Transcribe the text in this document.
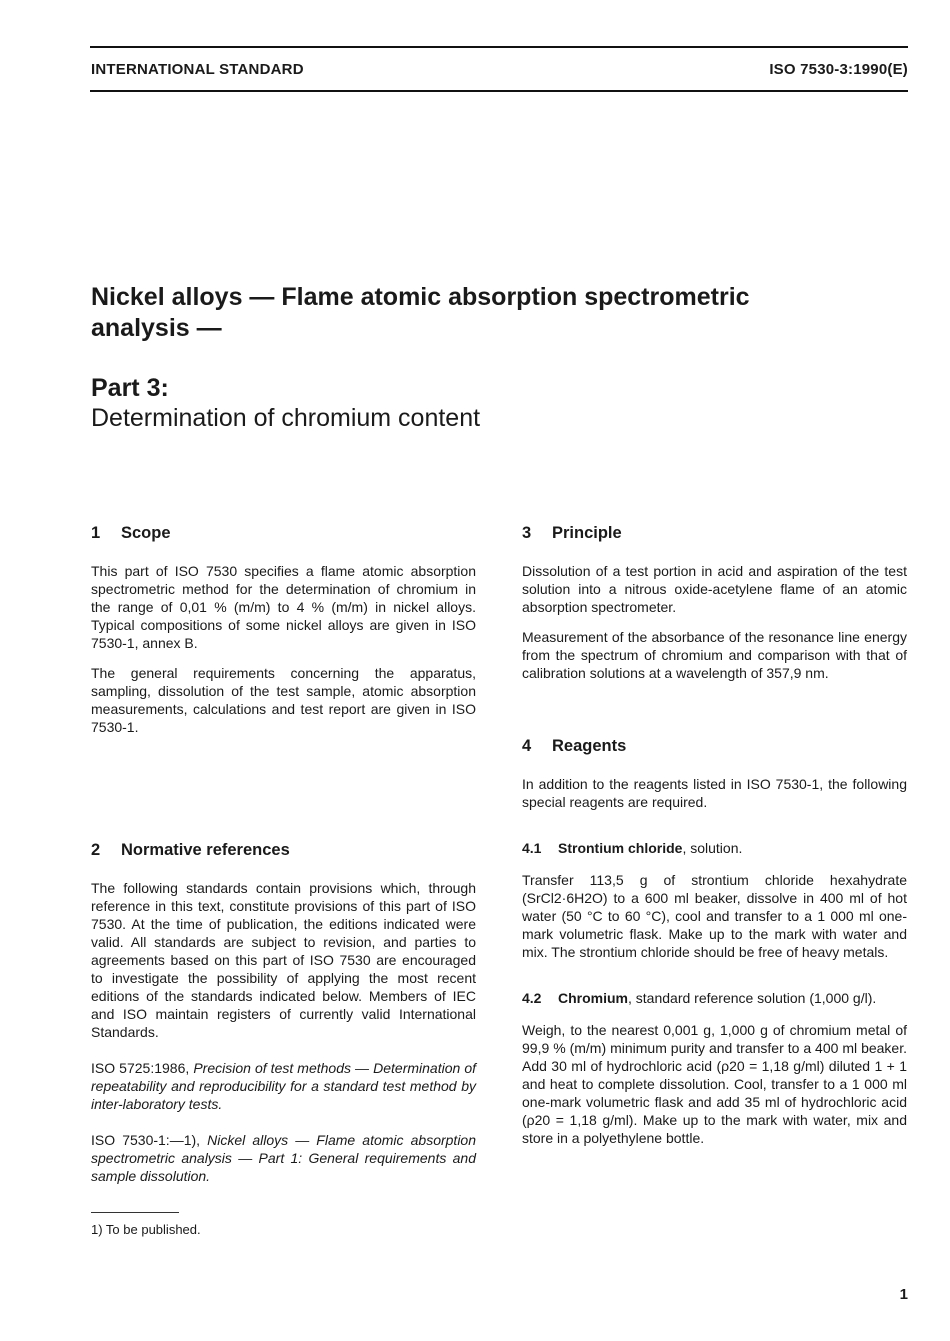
INTERNATIONAL STANDARD	ISO 7530-3:1990(E)
Nickel alloys — Flame atomic absorption spectrometric analysis —
Part 3:
Determination of chromium content
1 Scope

This part of ISO 7530 specifies a flame atomic absorption spectrometric method for the determination of chromium in the range of 0,01 % (m/m) to 4 % (m/m) in nickel alloys. Typical compositions of some nickel alloys are given in ISO 7530-1, annex B.

The general requirements concerning the apparatus, sampling, dissolution of the test sample, atomic absorption measurements, calculations and test report are given in ISO 7530-1.

2 Normative references

The following standards contain provisions which, through reference in this text, constitute provisions of this part of ISO 7530. At the time of publication, the editions indicated were valid. All standards are subject to revision, and parties to agreements based on this part of ISO 7530 are encouraged to investigate the possibility of applying the most recent editions of the standards indicated below. Members of IEC and ISO maintain registers of currently valid International Standards.

ISO 5725:1986, Precision of test methods — Determination of repeatability and reproducibility for a standard test method by inter-laboratory tests.

ISO 7530-1:—1), Nickel alloys — Flame atomic absorption spectrometric analysis — Part 1: General requirements and sample dissolution.

1) To be published.
3 Principle

Dissolution of a test portion in acid and aspiration of the test solution into a nitrous oxide-acetylene flame of an atomic absorption spectrometer.

Measurement of the absorbance of the resonance line energy from the spectrum of chromium and comparison with that of calibration solutions at a wavelength of 357,9 nm.

4 Reagents

In addition to the reagents listed in ISO 7530-1, the following special reagents are required.

4.1 Strontium chloride, solution.

Transfer 113,5 g of strontium chloride hexahydrate (SrCl2·6H2O) to a 600 ml beaker, dissolve in 400 ml of hot water (50 °C to 60 °C), cool and transfer to a 1 000 ml one-mark volumetric flask. Make up to the mark with water and mix. The strontium chloride should be free of heavy metals.

4.2 Chromium, standard reference solution (1,000 g/l).

Weigh, to the nearest 0,001 g, 1,000 g of chromium metal of 99,9 % (m/m) minimum purity and transfer to a 400 ml beaker. Add 30 ml of hydrochloric acid (ρ20 = 1,18 g/ml) diluted 1 + 1 and heat to complete dissolution. Cool, transfer to a 1 000 ml one-mark volumetric flask and add 35 ml of hydrochloric acid (ρ20 = 1,18 g/ml). Make up to the mark with water, mix and store in a polyethylene bottle.

1
